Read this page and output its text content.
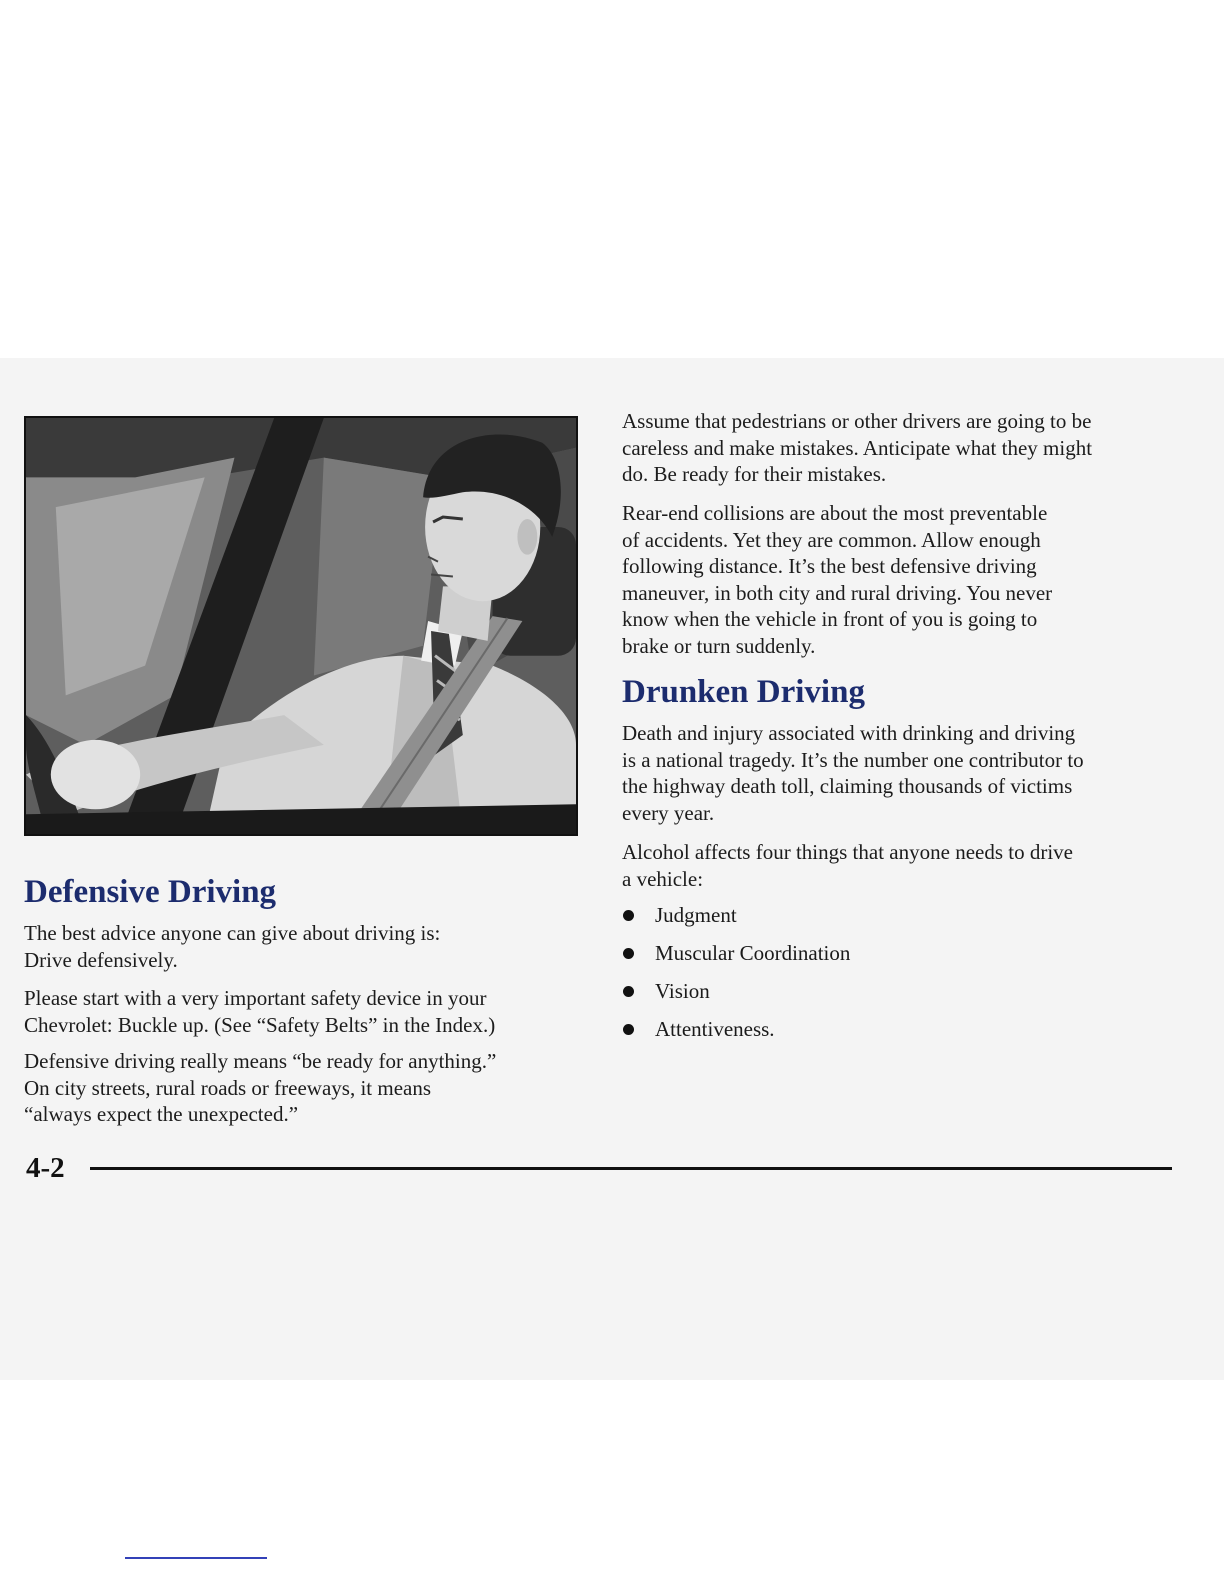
Defensive Driving

The best advice anyone can give about driving is:
Drive defensively.

Please start with a very important safety device in your
Chevrolet: Buckle up. (See “Safety Belts” in the Index.)

Defensive driving really means “be ready for anything.”
On city streets, rural roads or freeways, it means
“always expect the unexpected.”

Assume that pedestrians or other drivers are going to be
careless and make mistakes. Anticipate what they might
do. Be ready for their mistakes.

Rear-end collisions are about the most preventable
of accidents. Yet they are common. Allow enough
following distance. It’s the best defensive driving
maneuver, in both city and rural driving. You never
know when the vehicle in front of you is going to
brake or turn suddenly.

Drunken Driving

Death and injury associated with drinking and driving
is a national tragedy. It’s the number one contributor to
the highway death toll, claiming thousands of victims
every year.

Alcohol affects four things that anyone needs to drive
a vehicle:

Judgment
Muscular Coordination
Vision
Attentiveness.
4-2
